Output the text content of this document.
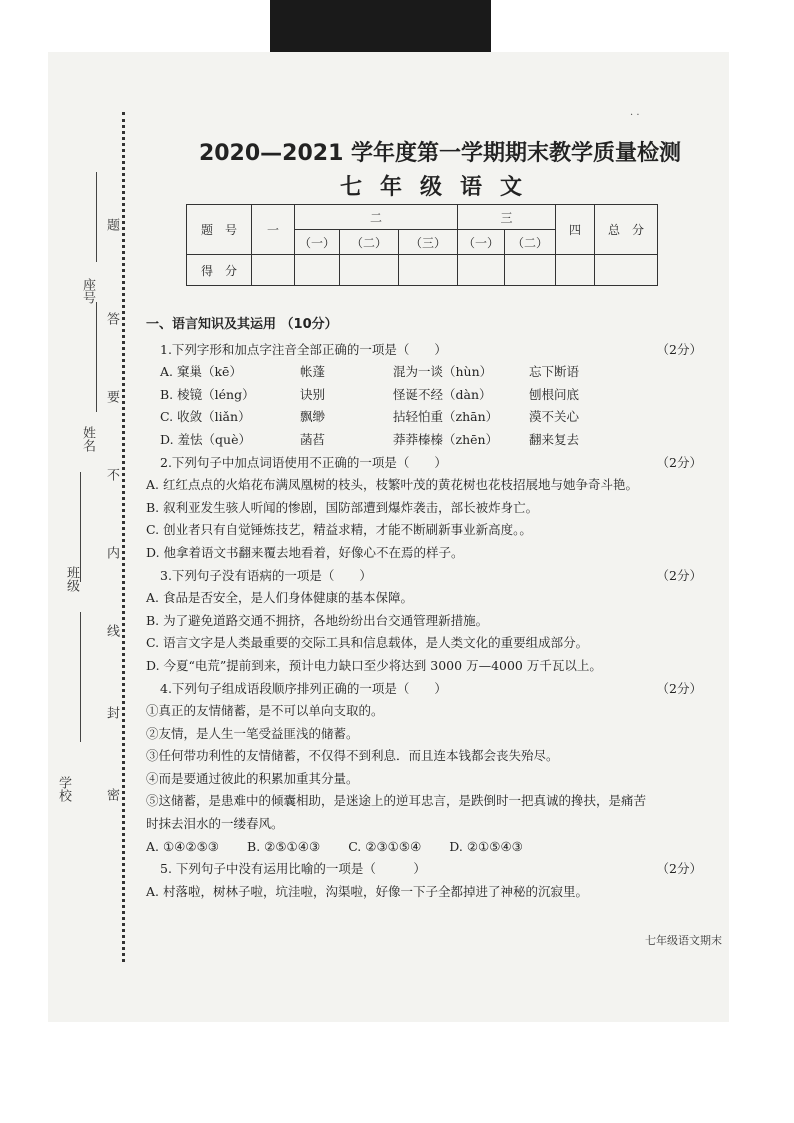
座号
姓名
班级
学校
题
答
要
不
内
线
封
密
· ·
2020—2021 学年度第一学期期末教学质量检测
七年级语文
题　号	一	二			三		四	总　分
		（一）	（二）	（三）	（一）	（二）		
得　分								

一、语言知识及其运用 （10分）

1.下列字形和加点字注音全部正确的一项是（　　）	（2分）

A. 窠巢（kē）	帐蓬	混为一谈（hùn）	忘下断语

B. 棱镜（léng）	诀别	怪诞不经（dàn）	刨根问底

C. 收敛（liǎn）	飘缈	拈轻怕重（zhān）	漠不关心

D. 羞怯（què）	菡萏	莽莽榛榛（zhēn）	翻来复去

2.下列句子中加点词语使用不正确的一项是（　　）	（2分）

A. 红红点点的火焰花布满凤凰树的枝头，枝繁叶茂的黄花树也花枝招展地与她争奇斗艳。

B. 叙利亚发生骇人听闻的惨剧，国防部遭到爆炸袭击，部长被炸身亡。

C. 创业者只有自觉锤炼技艺，精益求精，才能不断刷新事业新高度。。

D. 他拿着语文书翻来覆去地看着，好像心不在焉的样子。

3.下列句子没有语病的一项是（　　）	（2分）

A. 食品是否安全，是人们身体健康的基本保障。

B. 为了避免道路交通不拥挤，各地纷纷出台交通管理新措施。

C. 语言文字是人类最重要的交际工具和信息载体，是人类文化的重要组成部分。

D. 今夏“电荒”提前到来，预计电力缺口至少将达到 3000 万—4000 万千瓦以上。

4.下列句子组成语段顺序排列正确的一项是（　　）	（2分）

①真正的友情储蓄，是不可以单向支取的。

②友情，是人生一笔受益匪浅的储蓄。

③任何带功利性的友情储蓄，不仅得不到利息．而且连本钱都会丧失殆尽。

④而是要通过彼此的积累加重其分量。

⑤这储蓄，是患难中的倾囊相助，是迷途上的逆耳忠言，是跌倒时一把真诚的搀扶，是痛苦

时抹去泪水的一缕春风。

A. ①④②⑤③ B. ②⑤①④③ C. ②③①⑤④ D. ②①⑤④③

5. 下列句子中没有运用比喻的一项是（　　　）	（2分）

A. 村落啦，树林子啦，坑洼啦，沟渠啦，好像一下子全都掉进了神秘的沉寂里。

七年级语文期末
